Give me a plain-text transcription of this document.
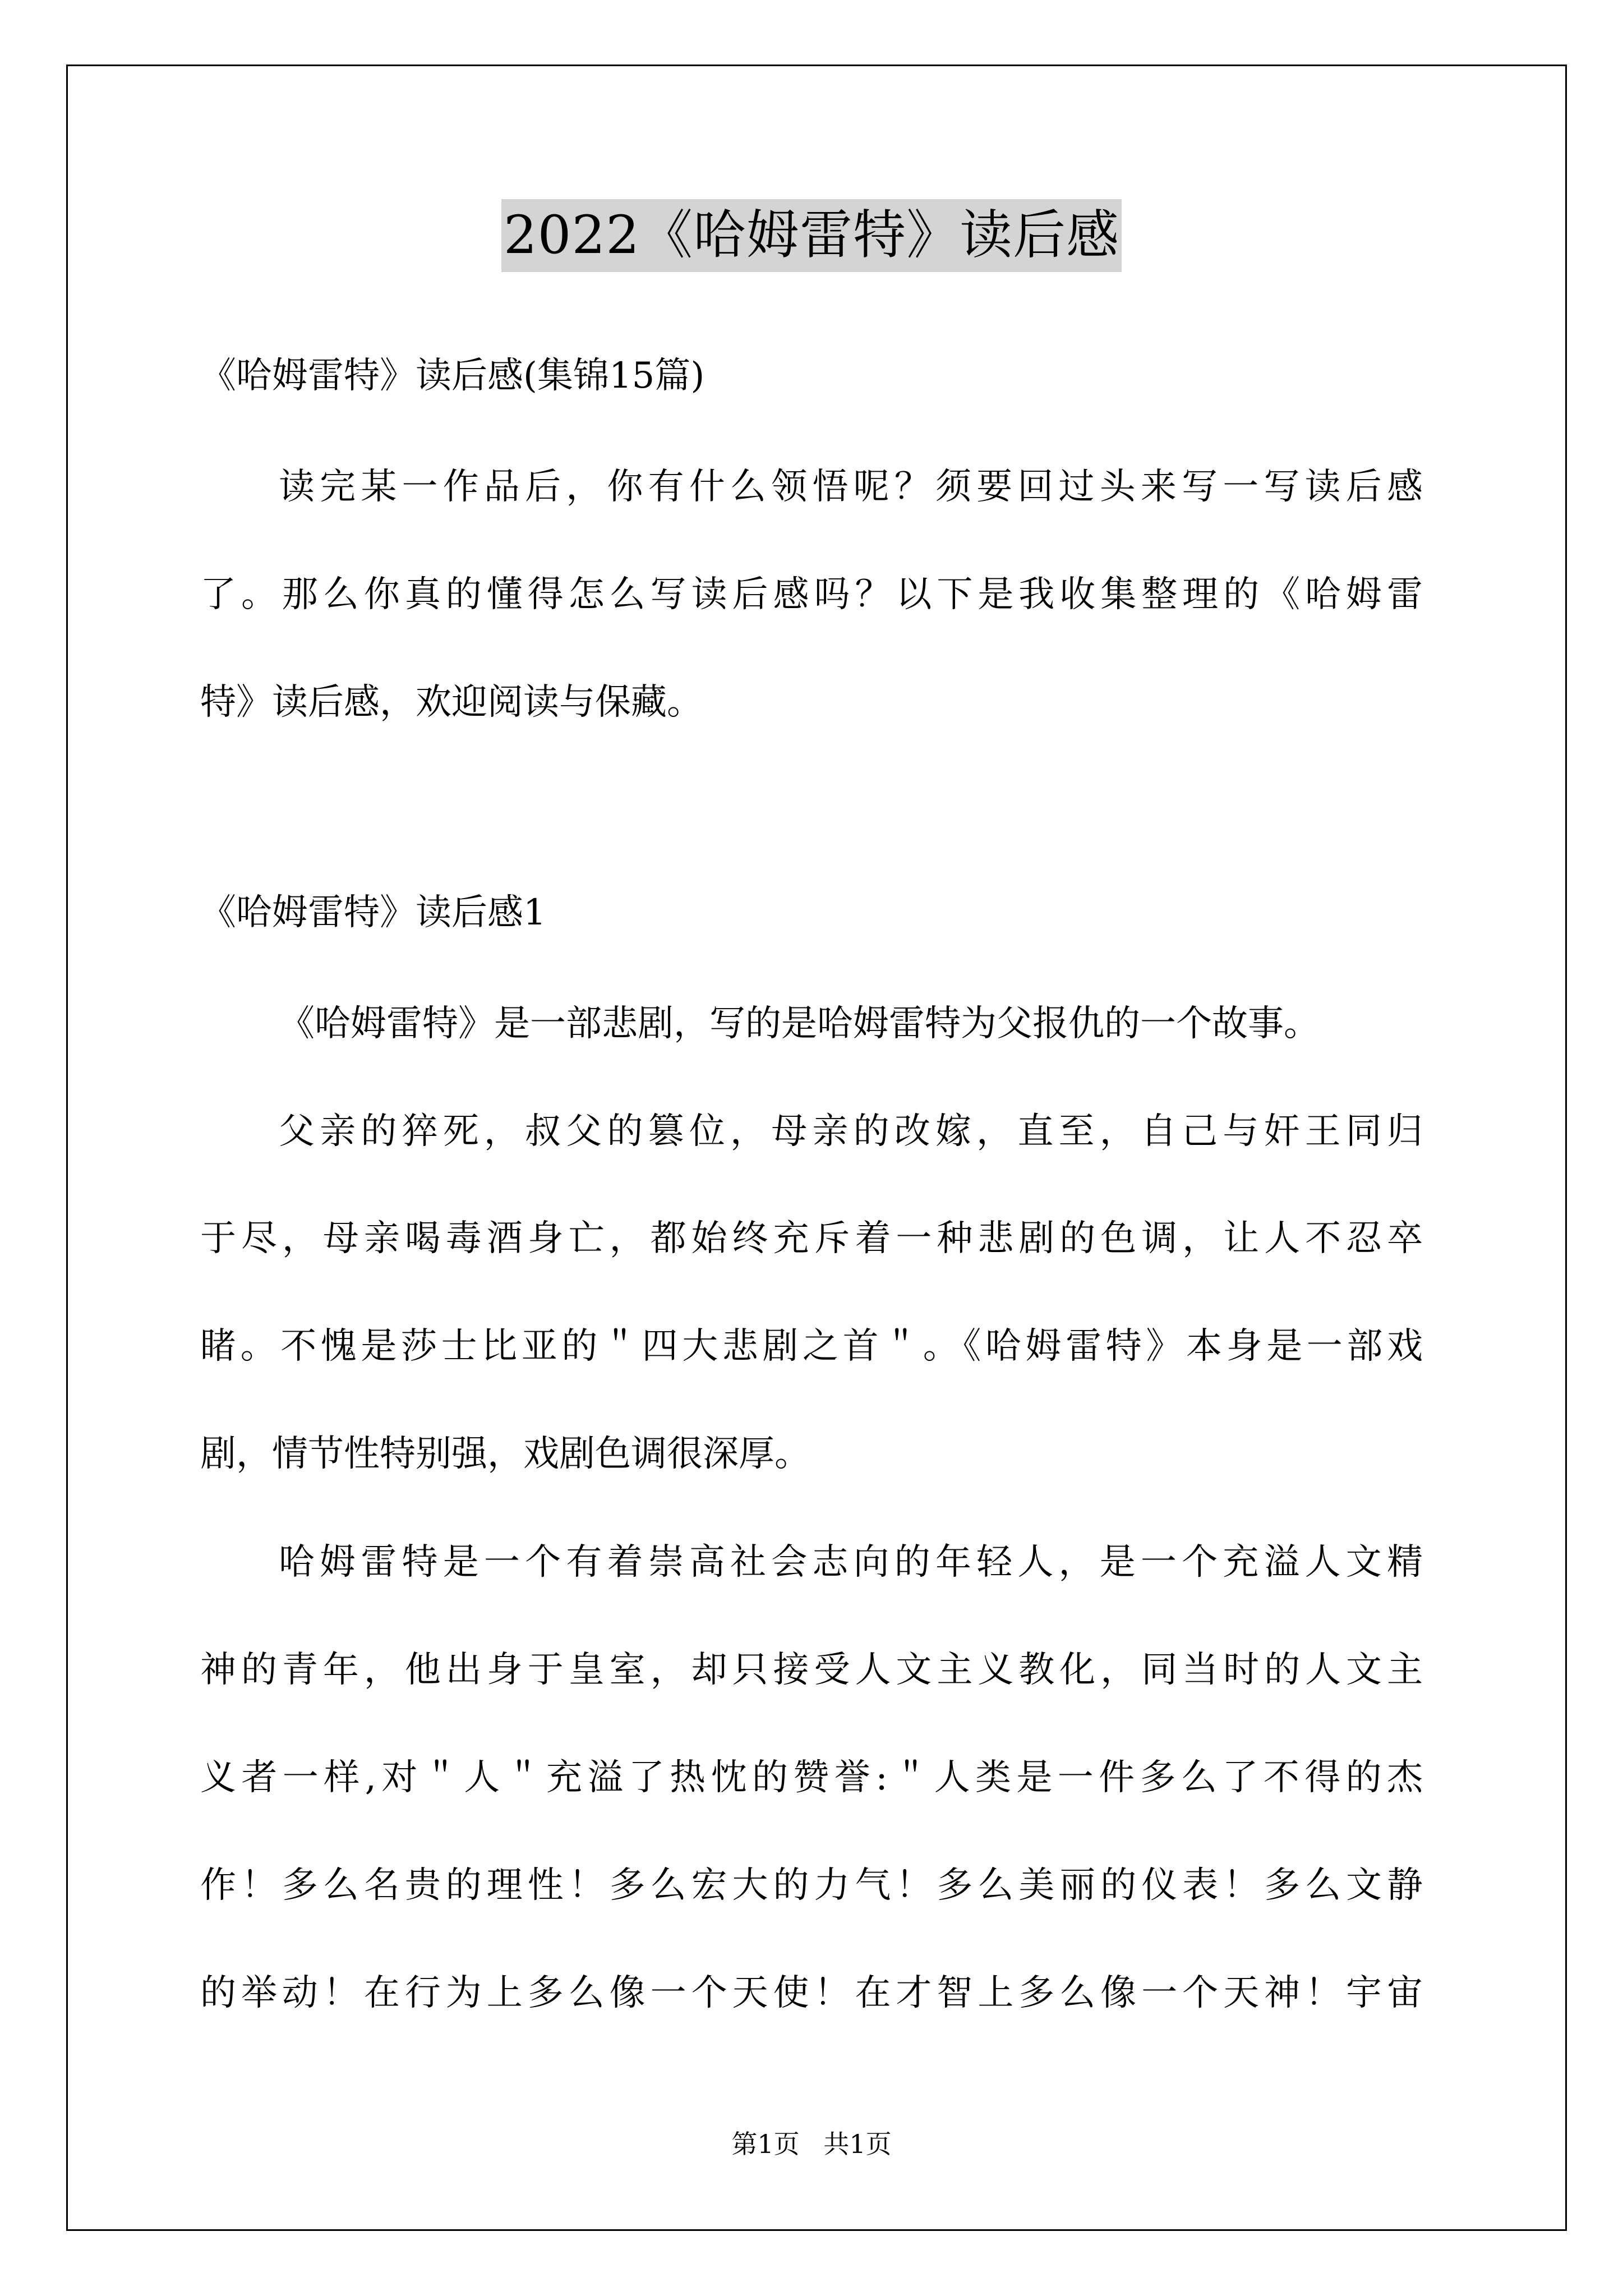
2022《哈姆雷特》读后感
《哈姆雷特》读后感(集锦15篇)
读完某一作品后，你有什么领悟呢？须要回过头来写一写读后感
了。那么你真的懂得怎么写读后感吗？以下是我收集整理的《哈姆雷
特》读后感，欢迎阅读与保藏。
《哈姆雷特》读后感1
《哈姆雷特》是一部悲剧，写的是哈姆雷特为父报仇的一个故事。
父亲的猝死，叔父的篡位，母亲的改嫁，直至，自己与奸王同归
于尽，母亲喝毒酒身亡，都始终充斥着一种悲剧的色调，让人不忍卒
睹。不愧是莎士比亚的＂四大悲剧之首＂。《哈姆雷特》本身是一部戏
剧，情节性特别强，戏剧色调很深厚。
哈姆雷特是一个有着崇高社会志向的年轻人，是一个充溢人文精
神的青年，他出身于皇室，却只接受人文主义教化，同当时的人文主
义者一样,对＂人＂充溢了热忱的赞誉:＂人类是一件多么了不得的杰
作！多么名贵的理性！多么宏大的力气！多么美丽的仪表！多么文静
的举动！在行为上多么像一个天使！在才智上多么像一个天神！宇宙
第1页 共1页
